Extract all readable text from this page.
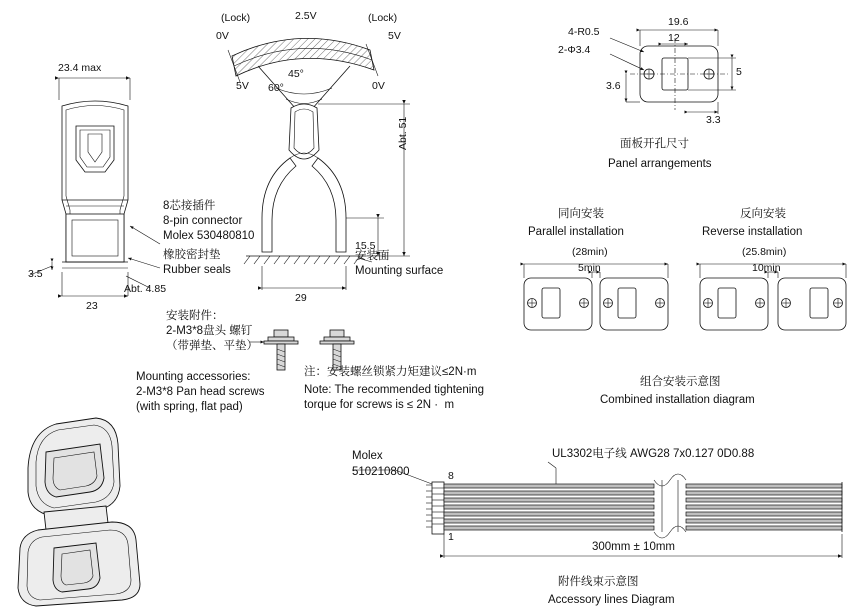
23.4 max
3.5
23
Abt. 4.85
8芯接插件
8-pin connector
Molex 530480810
橡胶密封垫
Rubber seals
(Lock)	2.5V	(Lock)
0V	5V
5V	0V
45°
60°
Abt. 51
15.5
29
安装面
Mounting surface
安装附件：
2-M3*8盘头 螺钉
（带弹垫、平垫）
Mounting accessories:
2-M3*8 Pan head screws
(with spring, flat pad)
注：安装螺丝锁紧力矩建议≤2N·m
Note: The recommended tightening
torque for screws is ≤ 2N ·  m
19.6
12
4-R0.5
2-Φ3.4
3.6
5
3.3
面板开孔尺寸
Panel arrangements
同向安装
Parallel installation
(28min)
5min
反向安装
Reverse installation
(25.8min)
10min
组合安装示意图
Combined installation diagram
Molex
510210800	8
1
UL3302电子线 AWG28 7x0.127 0D0.88
300mm ± 10mm
附件线束示意图
Accessory lines Diagram
